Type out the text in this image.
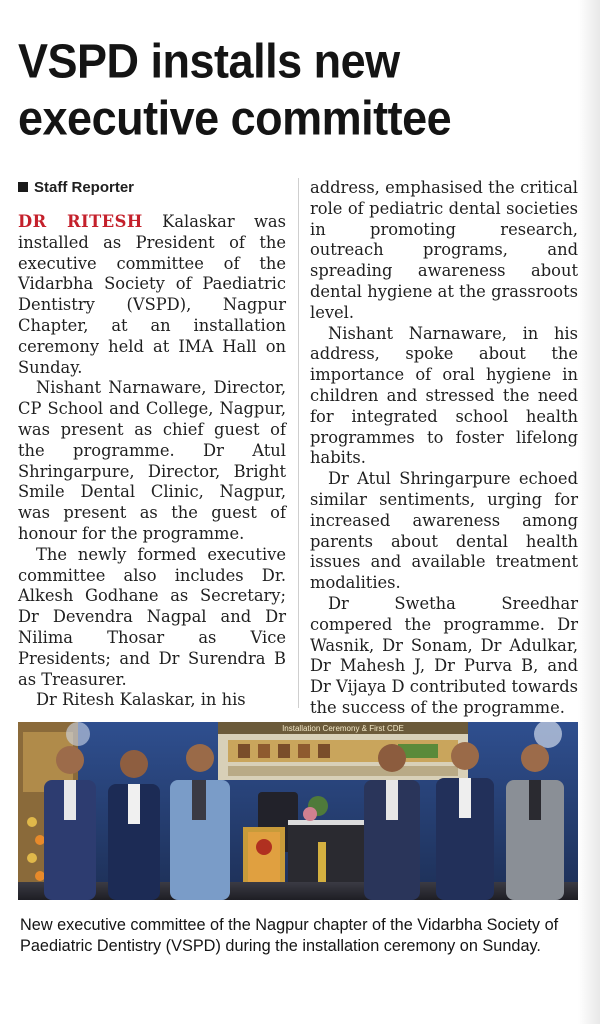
VSPD installs new
executive committee

Staff Reporter

DR RITESH Kalaskar was installed as President of the executive committee of the Vidarbha Society of Paediatric Dentistry (VSPD), Nagpur Chapter, at an installation ceremony held at IMA Hall on Sunday.

Nishant Narnaware, Director, CP School and College, Nagpur, was present as chief guest of the programme. Dr Atul Shringarpure, Director, Bright Smile Dental Clinic, Nagpur, was present as the guest of honour for the programme.

The newly formed executive committee also includes Dr. Alkesh Godhane as Secretary; Dr Devendra Nagpal and Dr Nilima Thosar as Vice Presidents; and Dr Surendra B as Treasurer.

Dr Ritesh Kalaskar, in his

address, emphasised the critical role of pediatric dental societies in promoting research, outreach programs, and spreading awareness about dental hygiene at the grassroots level.

Nishant Narnaware, in his address, spoke about the importance of oral hygiene in children and stressed the need for integrated school health programmes to foster lifelong habits.

Dr Atul Shringarpure echoed similar sentiments, urging for increased awareness among parents about dental health issues and available treatment modalities.

Dr Swetha Sreedhar compered the programme. Dr Wasnik, Dr Sonam, Dr Adulkar, Dr Mahesh J, Dr Purva B, and Dr Vijaya D contributed towards the success of the programme.

Installation Ceremony & First CDE
New executive committee of the Nagpur chapter of the Vidarbha Society of Paediatric Dentistry (VSPD) during the installation ceremony on Sunday.
